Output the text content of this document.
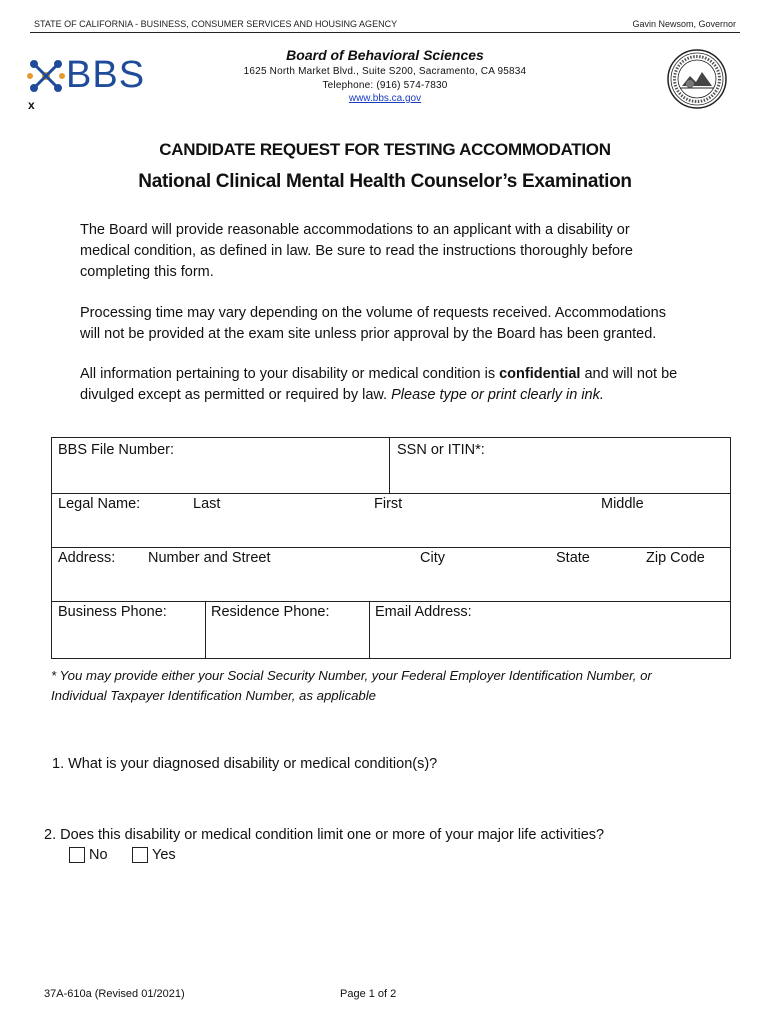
STATE OF CALIFORNIA - BUSINESS, CONSUMER SERVICES AND HOUSING AGENCY	Gavin Newsom, Governor
BBS
x
Board of Behavioral Sciences
1625 North Market Blvd., Suite S200, Sacramento, CA 95834
Telephone: (916) 574-7830
www.bbs.ca.gov
CANDIDATE REQUEST FOR TESTING ACCOMMODATION
National Clinical Mental Health Counselor’s Examination
The Board will provide reasonable accommodations to an applicant with a disability or
medical condition, as defined in law. Be sure to read the instructions thoroughly before
completing this form.
Processing time may vary depending on the volume of requests received. Accommodations
will not be provided at the exam site unless prior approval by the Board has been granted.
All information pertaining to your disability or medical condition is confidential and will not be
divulged except as permitted or required by law. Please type or print clearly in ink.
BBS File Number:	SSN or ITIN*:
Legal Name:	Last	First	Middle
Address: Number and Street	City	State	Zip Code
Business Phone:	Residence Phone:	Email Address:
* You may provide either your Social Security Number, your Federal Employer Identification Number, or
Individual Taxpayer Identification Number, as applicable
1. What is your diagnosed disability or medical condition(s)?
2. Does this disability or medical condition limit one or more of your major life activities?
No	Yes
37A-610a (Revised 01/2021)	Page 1 of 2
